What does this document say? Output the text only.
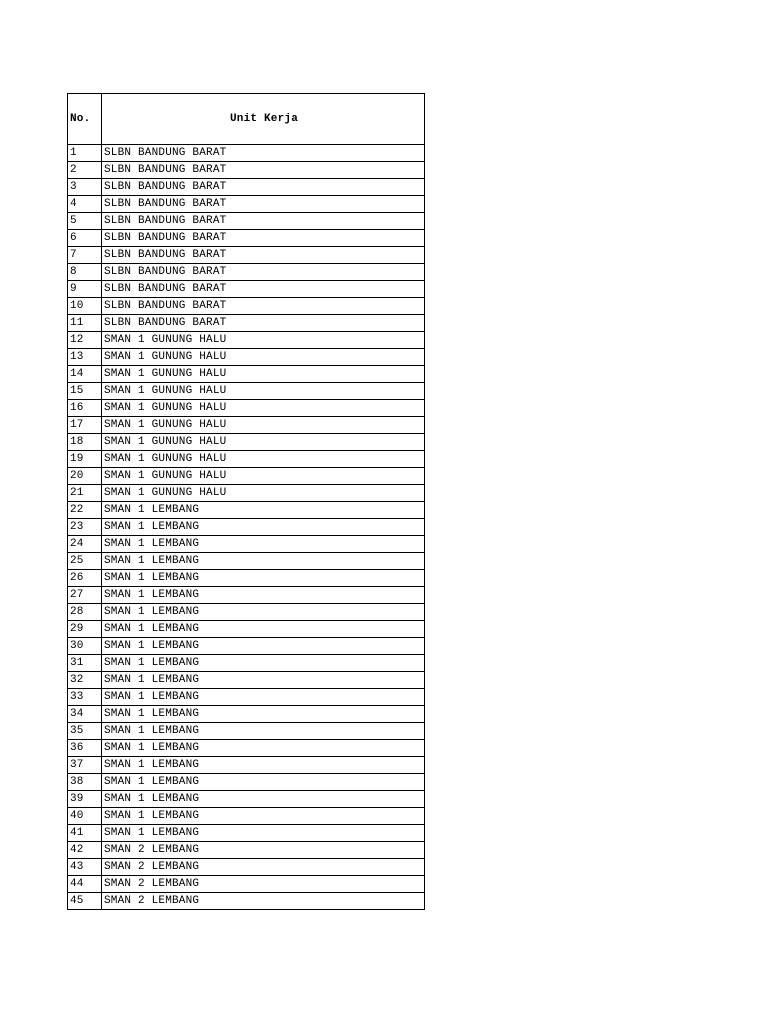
No.	Unit Kerja
1	SLBN BANDUNG BARAT
2	SLBN BANDUNG BARAT
3	SLBN BANDUNG BARAT
4	SLBN BANDUNG BARAT
5	SLBN BANDUNG BARAT
6	SLBN BANDUNG BARAT
7	SLBN BANDUNG BARAT
8	SLBN BANDUNG BARAT
9	SLBN BANDUNG BARAT
10	SLBN BANDUNG BARAT
11	SLBN BANDUNG BARAT
12	SMAN 1 GUNUNG HALU
13	SMAN 1 GUNUNG HALU
14	SMAN 1 GUNUNG HALU
15	SMAN 1 GUNUNG HALU
16	SMAN 1 GUNUNG HALU
17	SMAN 1 GUNUNG HALU
18	SMAN 1 GUNUNG HALU
19	SMAN 1 GUNUNG HALU
20	SMAN 1 GUNUNG HALU
21	SMAN 1 GUNUNG HALU
22	SMAN 1 LEMBANG
23	SMAN 1 LEMBANG
24	SMAN 1 LEMBANG
25	SMAN 1 LEMBANG
26	SMAN 1 LEMBANG
27	SMAN 1 LEMBANG
28	SMAN 1 LEMBANG
29	SMAN 1 LEMBANG
30	SMAN 1 LEMBANG
31	SMAN 1 LEMBANG
32	SMAN 1 LEMBANG
33	SMAN 1 LEMBANG
34	SMAN 1 LEMBANG
35	SMAN 1 LEMBANG
36	SMAN 1 LEMBANG
37	SMAN 1 LEMBANG
38	SMAN 1 LEMBANG
39	SMAN 1 LEMBANG
40	SMAN 1 LEMBANG
41	SMAN 1 LEMBANG
42	SMAN 2 LEMBANG
43	SMAN 2 LEMBANG
44	SMAN 2 LEMBANG
45	SMAN 2 LEMBANG
